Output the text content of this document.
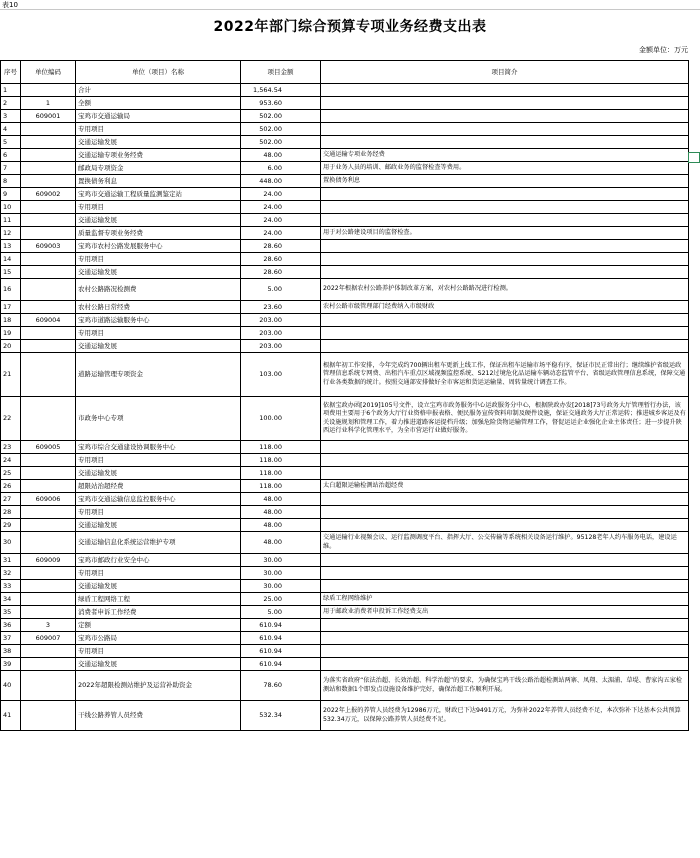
表10
2022年部门综合预算专项业务经费支出表
金额单位：万元
序号	单位编码	单位（项目）名称	项目金额	项目简介
1		合计	1,564.54	
2	1	全额	953.60	
3	609001	宝鸡市交通运输局	502.00	
4		专用项目	502.00	
5		交通运输发展	502.00	
6		交通运输专项业务经费	48.00	交通运输专项业务经费
7		邮政局专项资金	6.00	用于业务人员的培训、邮政业务的监督检查等费用。
8		置换债务利息	448.00	置换债务利息
9	609002	宝鸡市交通运输工程质量监测鉴定站	24.00	
10		专用项目	24.00	
11		交通运输发展	24.00	
12		质量监督专项业务经费	24.00	用于对公路建设项目的监督检查。
13	609003	宝鸡市农村公路发展服务中心	28.60	
14		专用项目	28.60	
15		交通运输发展	28.60	
16		农村公路路况检测费	5.00	2022年根据农村公路养护体制改革方案，对农村公路路况进行检测。
17		农村公路日常经费	23.60	农村公路市级管理部门经费纳入市级财政
18	609004	宝鸡市道路运输服务中心	203.00	
19		专用项目	203.00	
20		交通运输发展	203.00	
21		道路运输管理专项资金	103.00	根据年初工作安排，今年完成约700辆出租车更新上线工作，保证出租车运输市场平稳有序，保证市民正常出行；继续维护省级运政管理信息系统专网费、出租汽车重点区域视频监控系统、S212过境危化品运输车辆动态监管平台、省级运政管理信息系统，保障交通行业各类数据的统计。按照交通部安排做好全市客运和货运运输量、周转量统计调查工作。
22		市政务中心专项	100.00	依据宝政办函[2019]105号文件，设立宝鸡市政务服务中心运政服务分中心，根据陕政办发[2018]73号政务大厅管理暂行办法，该项费用主要用于6个政务大厅行业资格申报表格、便民服务宣传资料印制及硬件设施，保证交通政务大厅正常运转；推进城乡客运及有关设施规划和管理工作，着力推进道路客运提档升级；加强危险货物运输管理工作，督促运运企业强化企业主体责任；进一步提升陕西运行业科学化管理水平，为全市营运行业做好服务。
23	609005	宝鸡市综合交通建设协调服务中心	118.00	
24		专用项目	118.00	
25		交通运输发展	118.00	
26		超限站治超经费	118.00	太白超限运输检测站治超经费
27	609006	宝鸡市交通运输信息监控服务中心	48.00	
28		专用项目	48.00	
29		交通运输发展	48.00	
30		交通运输信息化系统运营维护专项	48.00	交通运输行业视频会议、运行监测调度平台、指挥大厅、公交传输等系统相关设备运行维护。95128老年人约车服务电话，建设运维。
31	609009	宝鸡市邮政行业安全中心	30.00	
32		专用项目	30.00	
33		交通运输发展	30.00	
34		绿盾工程网络工程	25.00	绿盾工程网络维护
35		消费者申诉工作经费	5.00	用于邮政业消费者申投诉工作经费支出
36	3	定额	610.94	
37	609007	宝鸡市公路局	610.94	
38		专用项目	610.94	
39		交通运输发展	610.94	
40		2022年超限检测站维护及运营补助资金	78.60	为落实省政府“依法治超、长效治超、科学治超”的要求，为确保宝鸡干线公路治超检测站两寨、凤翔、太湄浦、草堤、曹家沟五家检测站和数据1个即发点设施设备维护完好，确保治超工作顺利开展。
41		干线公路养管人员经费	532.34	2022年上报的养管人员经费为12986万元，财政已下达9491万元，为弥补2022年养管人员经费不足，本次弥补下达基本公共预算532.34万元，以保障公路养管人员经费不足。
